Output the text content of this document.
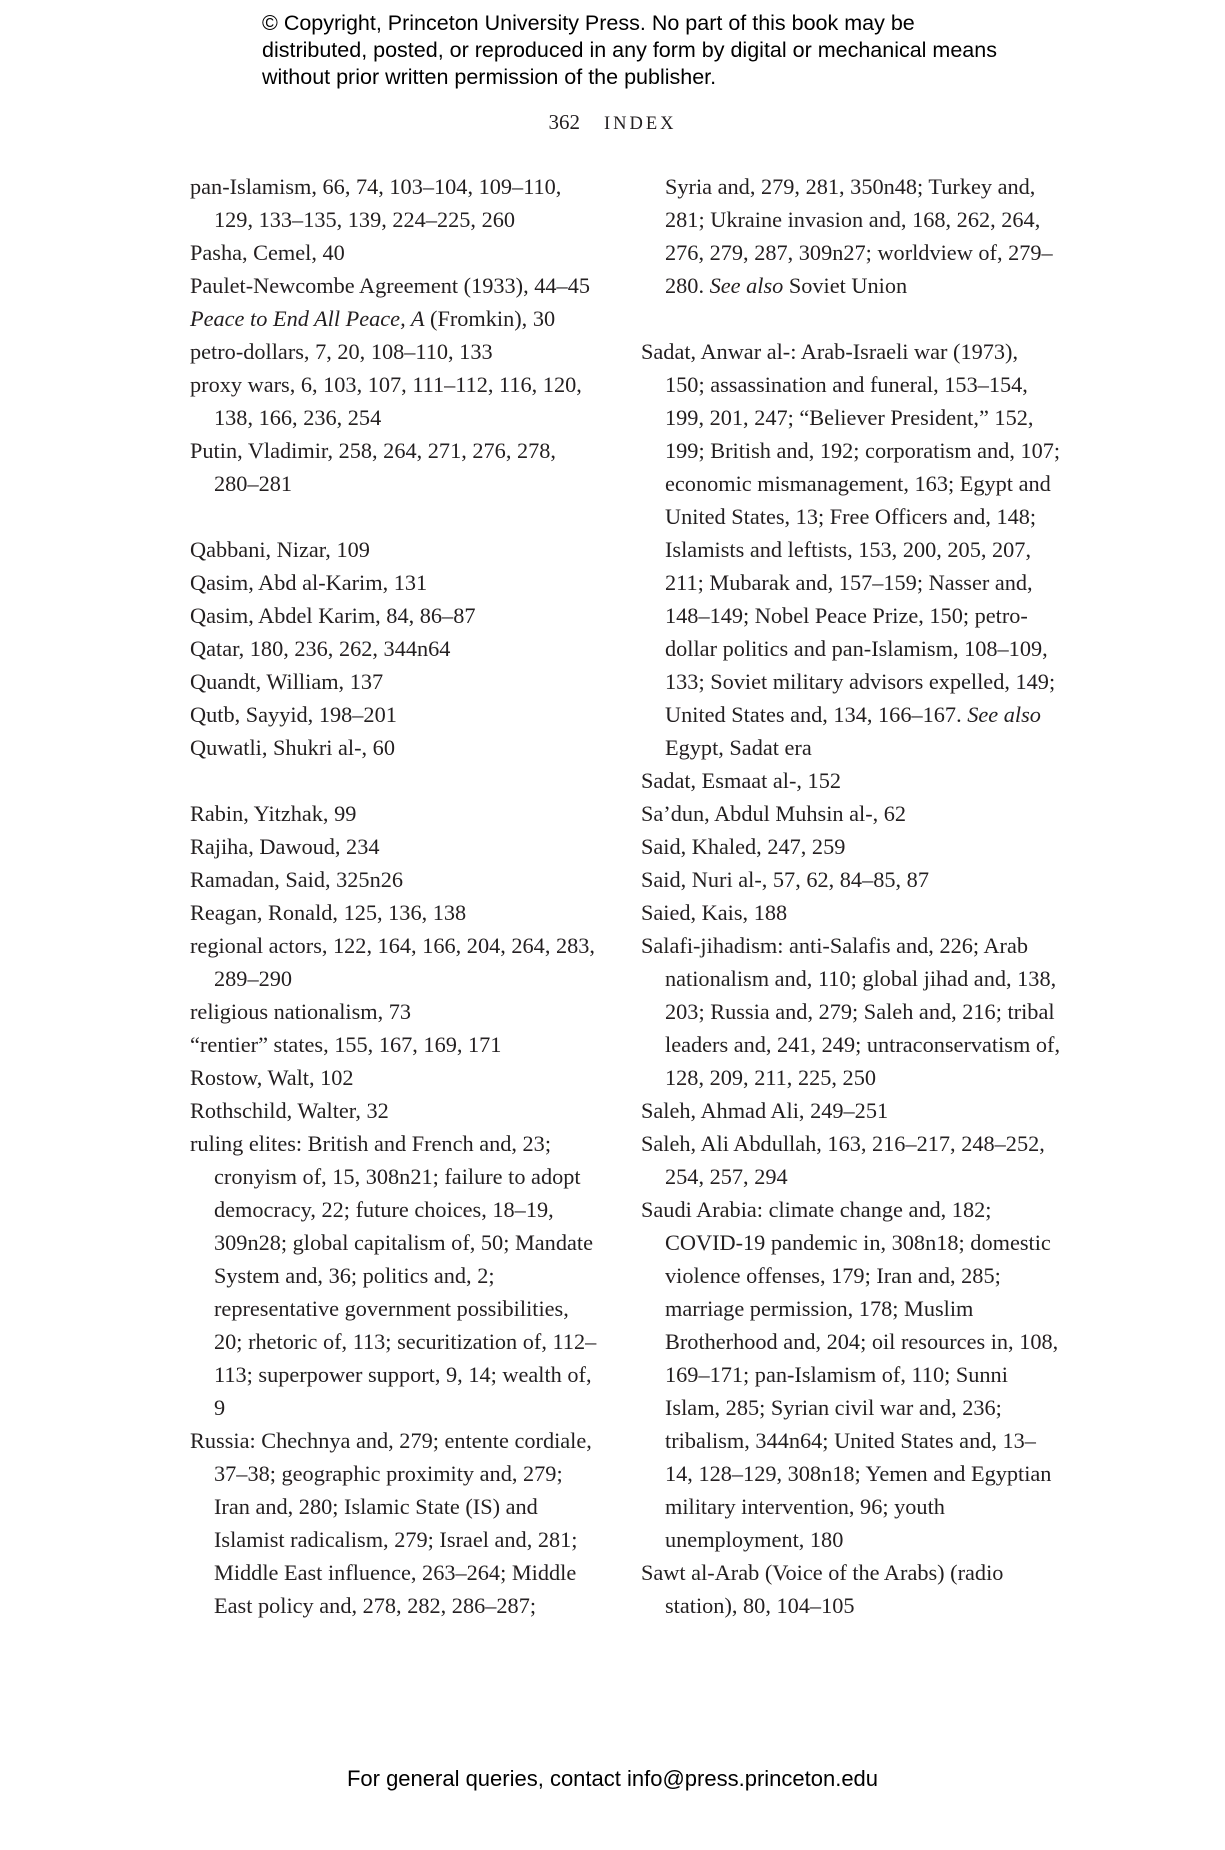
© Copyright, Princeton University Press. No part of this book may be distributed, posted, or reproduced in any form by digital or mechanical means without prior written permission of the publisher.
362 INDEX
pan-Islamism, 66, 74, 103–104, 109–110, 129, 133–135, 139, 224–225, 260
Pasha, Cemel, 40
Paulet-Newcombe Agreement (1933), 44–45
Peace to End All Peace, A (Fromkin), 30
petro-dollars, 7, 20, 108–110, 133
proxy wars, 6, 103, 107, 111–112, 116, 120, 138, 166, 236, 254
Putin, Vladimir, 258, 264, 271, 276, 278, 280–281
Qabbani, Nizar, 109
Qasim, Abd al-Karim, 131
Qasim, Abdel Karim, 84, 86–87
Qatar, 180, 236, 262, 344n64
Quandt, William, 137
Qutb, Sayyid, 198–201
Quwatli, Shukri al-, 60
Rabin, Yitzhak, 99
Rajiha, Dawoud, 234
Ramadan, Said, 325n26
Reagan, Ronald, 125, 136, 138
regional actors, 122, 164, 166, 204, 264, 283, 289–290
religious nationalism, 73
“rentier” states, 155, 167, 169, 171
Rostow, Walt, 102
Rothschild, Walter, 32
ruling elites: British and French and, 23; cronyism of, 15, 308n21; failure to adopt democracy, 22; future choices, 18–19, 309n28; global capitalism of, 50; Mandate System and, 36; politics and, 2; representative government possibilities, 20; rhetoric of, 113; securitization of, 112–113; superpower support, 9, 14; wealth of, 9
Russia: Chechnya and, 279; entente cordiale, 37–38; geographic proximity and, 279; Iran and, 280; Islamic State (IS) and Islamist radicalism, 279; Israel and, 281; Middle East influence, 263–264; Middle East policy and, 278, 282, 286–287;
Syria and, 279, 281, 350n48; Turkey and, 281; Ukraine invasion and, 168, 262, 264, 276, 279, 287, 309n27; worldview of, 279–280. See also Soviet Union
Sadat, Anwar al-: Arab-Israeli war (1973), 150; assassination and funeral, 153–154, 199, 201, 247; “Believer President,” 152, 199; British and, 192; corporatism and, 107; economic mismanagement, 163; Egypt and United States, 13; Free Officers and, 148; Islamists and leftists, 153, 200, 205, 207, 211; Mubarak and, 157–159; Nasser and, 148–149; Nobel Peace Prize, 150; petro-dollar politics and pan-Islamism, 108–109, 133; Soviet military advisors expelled, 149; United States and, 134, 166–167. See also Egypt, Sadat era
Sadat, Esmaat al-, 152
Sa’dun, Abdul Muhsin al-, 62
Said, Khaled, 247, 259
Said, Nuri al-, 57, 62, 84–85, 87
Saied, Kais, 188
Salafi-jihadism: anti-Salafis and, 226; Arab nationalism and, 110; global jihad and, 138, 203; Russia and, 279; Saleh and, 216; tribal leaders and, 241, 249; untraconservatism of, 128, 209, 211, 225, 250
Saleh, Ahmad Ali, 249–251
Saleh, Ali Abdullah, 163, 216–217, 248–252, 254, 257, 294
Saudi Arabia: climate change and, 182; COVID-19 pandemic in, 308n18; domestic violence offenses, 179; Iran and, 285; marriage permission, 178; Muslim Brotherhood and, 204; oil resources in, 108, 169–171; pan-Islamism of, 110; Sunni Islam, 285; Syrian civil war and, 236; tribalism, 344n64; United States and, 13–14, 128–129, 308n18; Yemen and Egyptian military intervention, 96; youth unemployment, 180
Sawt al-Arab (Voice of the Arabs) (radio station), 80, 104–105
For general queries, contact info@press.princeton.edu
